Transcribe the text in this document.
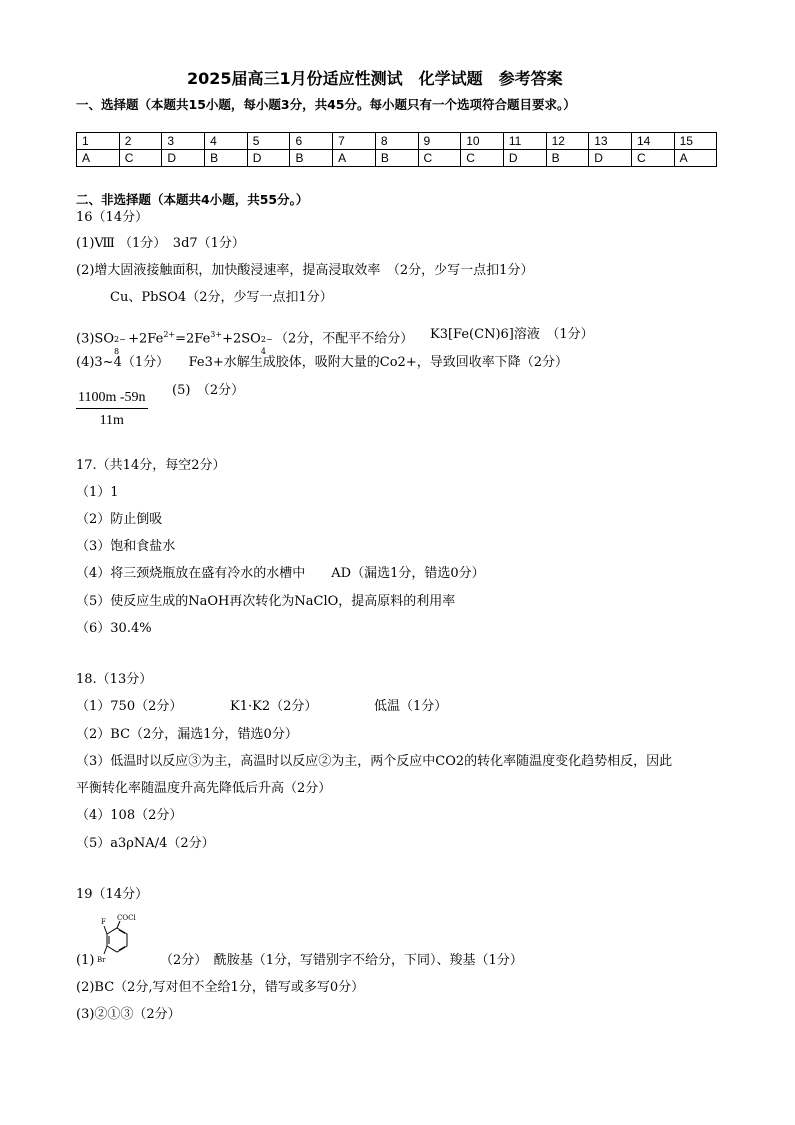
2025届高三1月份适应性测试　化学试题　参考答案
一、选择题（本题共15小题，每小题3分，共45分。每小题只有一个选项符合题目要求。）
1	2	3	4	5	6	7	8	9	10	11	12	13	14	15
A	C	D	B	D	B	A	B	C	C	D	B	D	C	A
二、非选择题（本题共4小题，共55分。）
16（14分）
(1)Ⅷ （1分）　3d7（1分）
(2)增大固液接触面积，加快酸浸速率，提高浸取效率　（2分，少写一点扣1分）
Cu、PbSO4（2分，少写一点扣1分）
(3)SO 2−
8
$+2Fe^{2+}=2Fe^{3+}+2SO$ 2−
4
（2分，不配平不给分） K3[Fe(CN)6]溶液　（1分）
(4)3~4（1分）　　Fe3+水解生成胶体，吸附大量的Co2+，导致回收率下降（2分）
$\frac{1100m -59n}{11m} (5)$　（2分）
17.（共14分，每空2分）
（1）1
（2）防止倒吸
（3）饱和食盐水
（4）将三颈烧瓶放在盛有冷水的水槽中　　AD（漏选1分，错选0分）
（5）使反应生成的NaOH再次转化为NaClO，提高原料的利用率
（6）30.4%
18.（13分）
（1）750（2分）	K1·K2（2分）	低温（1分）
（2）BC（2分，漏选1分，错选0分）
（3）低温时以反应③为主，高温时以反应②为主，两个反应中CO2的转化率随温度变化趋势相反，因此
平衡转化率随温度升高先降低后升高（2分）
（4）108（2分）
（5）a3ρNA/4（2分）
19（14分）
F COCl
Br
(1)	（2分）　酰胺基（1分，写错别字不给分，下同）、羧基（1分）
(2)BC（2分,写对但不全给1分，错写或多写0分）
(3)②①③（2分）
